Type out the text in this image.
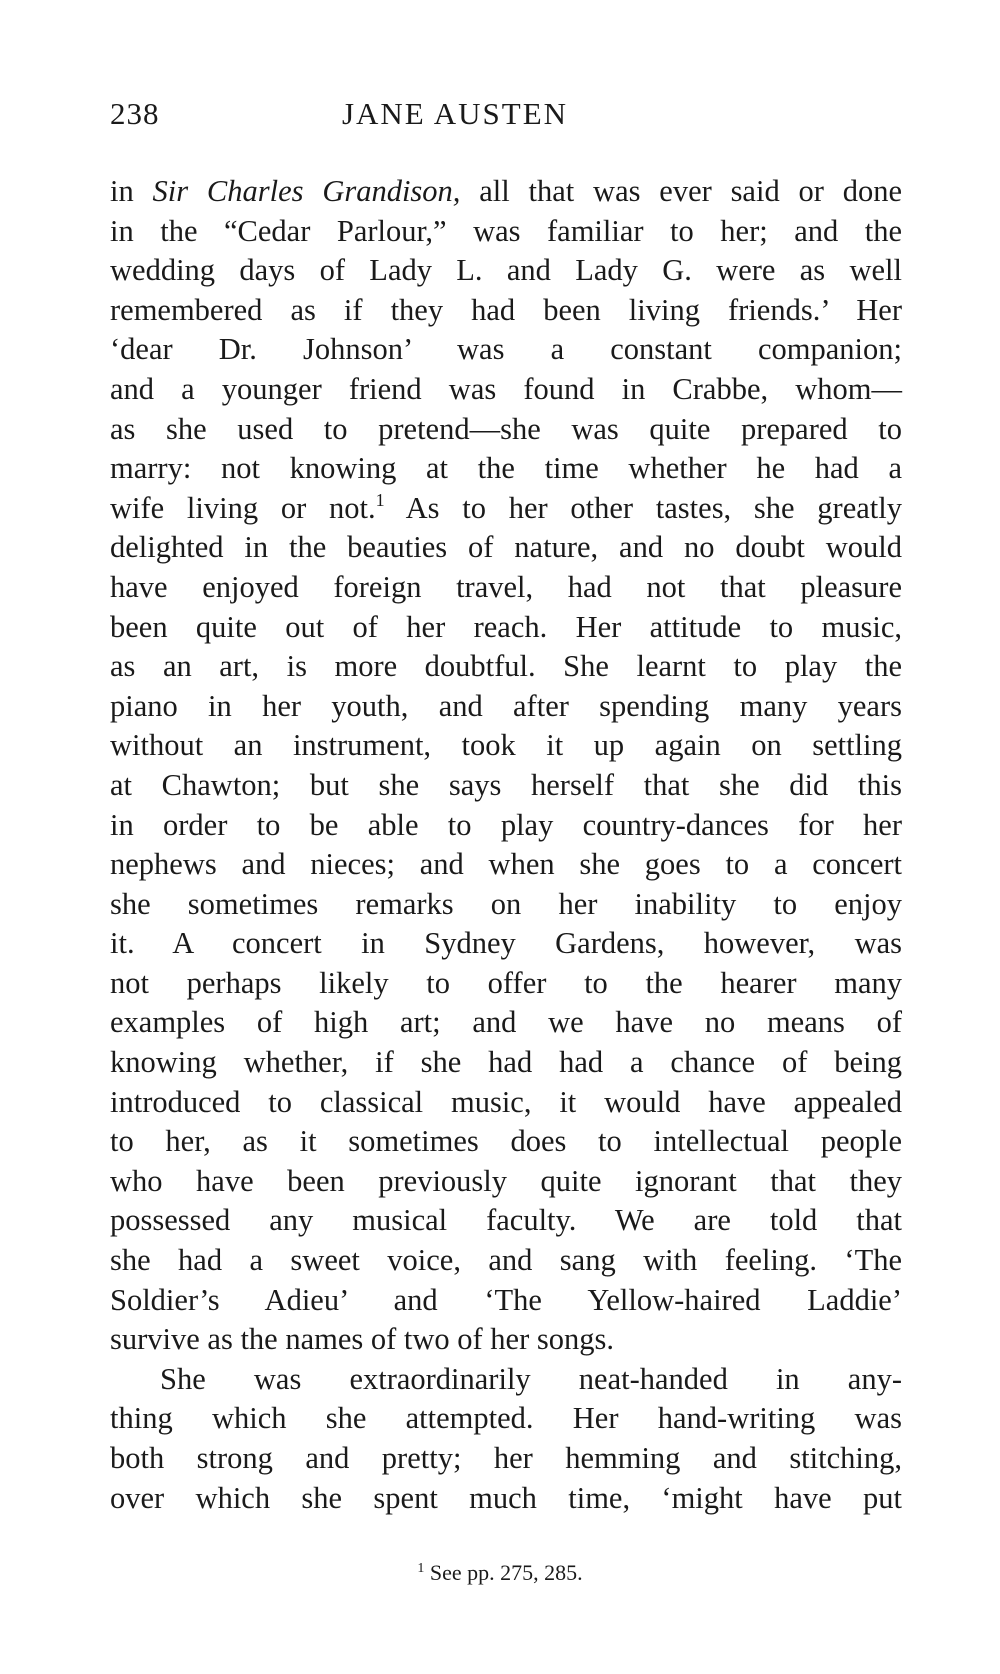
238	JANE AUSTEN
in Sir Charles Grandison, all that was ever said or done
in the “Cedar Parlour,” was familiar to her; and the
wedding days of Lady L. and Lady G. were as well
remembered as if they had been living friends.’ Her
‘dear Dr. Johnson’ was a constant companion;
and a younger friend was found in Crabbe, whom—
as she used to pretend—she was quite prepared to
marry: not knowing at the time whether he had a
wife living or not.$^1$ As to her other tastes, she greatly
delighted in the beauties of nature, and no doubt would
have enjoyed foreign travel, had not that pleasure
been quite out of her reach. Her attitude to music,
as an art, is more doubtful. She learnt to play the
piano in her youth, and after spending many years
without an instrument, took it up again on settling
at Chawton; but she says herself that she did this
in order to be able to play country-dances for her
nephews and nieces; and when she goes to a concert
she sometimes remarks on her inability to enjoy
it. A concert in Sydney Gardens, however, was
not perhaps likely to offer to the hearer many
examples of high art; and we have no means of
knowing whether, if she had had a chance of being
introduced to classical music, it would have appealed
to her, as it sometimes does to intellectual people
who have been previously quite ignorant that they
possessed any musical faculty. We are told that
she had a sweet voice, and sang with feeling. ‘The
Soldier’s Adieu’ and ‘The Yellow-haired Laddie’
survive as the names of two of her songs.
She was extraordinarily neat-handed in any-
thing which she attempted. Her hand-writing was
both strong and pretty; her hemming and stitching,
over which she spent much time, ‘might have put
$^1$ See pp. 275, 285.
